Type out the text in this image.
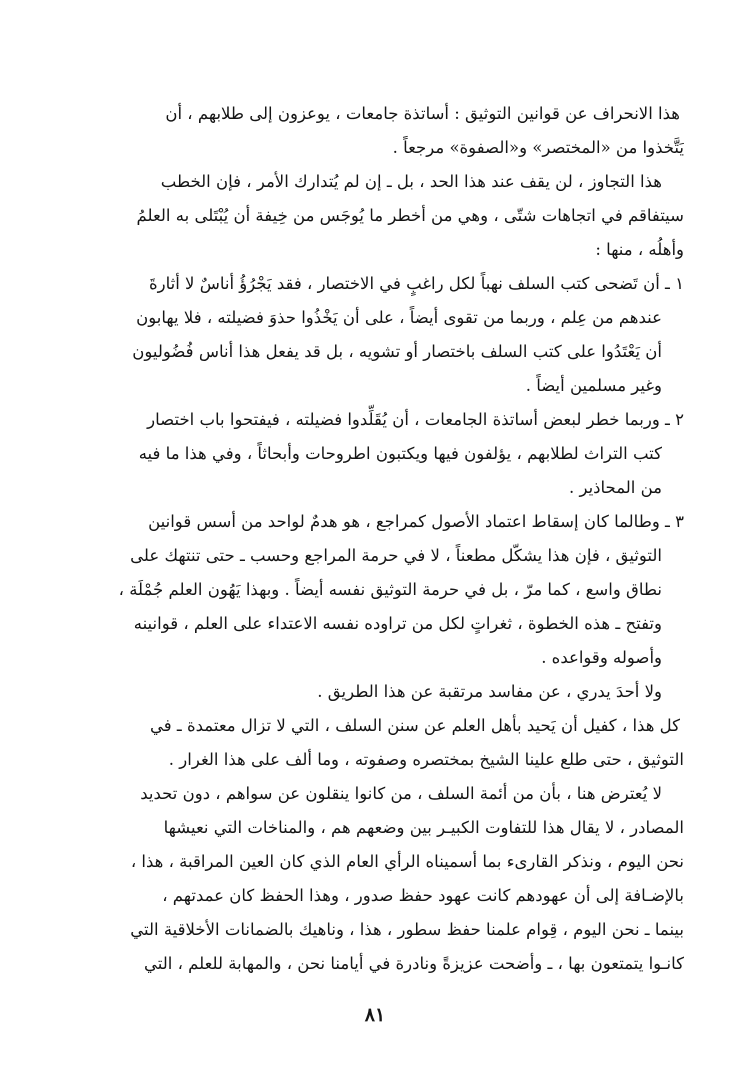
هذا الانحراف عن قوانين التوثيق : أساتذة جامعات ، يوعزون إلى طلابهم ، أن
يَتَّخذوا من «المختصر» و«الصفوة» مرجعاً .
هذا التجاوز ، لن يقف عند هذا الحد ، بل ـ إن لم يُتدارك الأمر ، فإن الخطب
سيتفاقم في اتجاهات شتّى ، وهي من أخطر ما يُوجَس من خِيفة أن يُبْتَلى به العلمُ
وأهلُه ، منها :
١ ـ أن تَضحى كتب السلف نهباً لكل راغبٍ في الاختصار ، فقد يَجْرُؤُ أناسٌ لا أثارةَ
عندهم من عِلم ، وربما من تقوى أيضاً ، على أن يَخْذُوا حذوَ فضيلته ، فلا يهابون
أن يَعْتَدُوا على كتب السلف باختصار أو تشويه ، بل قد يفعل هذا أناس فُضُوليون
وغير مسلمين أيضاً .
٢ ـ وربما خطر لبعض أساتذة الجامعات ، أن يُقَلِّدوا فضيلته ، فيفتحوا باب اختصار
كتب التراث لطلابهم ، يؤلفون فيها ويكتبون اطروحات وأبحاثاً ، وفي هذا ما فيه
من المحاذير .
٣ ـ وطالما كان إسقاط اعتماد الأصول كمراجع ، هو هدمٌ لواحد من أسس قوانين
التوثيق ، فإن هذا يشكّل مطعناً ، لا في حرمة المراجع وحسب ـ حتى تنتهك على
نطاق واسع ، كما مرّ ، بل في حرمة التوثيق نفسه أيضاً . وبهذا يَهُون العلم جُمْلَة ،
وتفتح ـ هذه الخطوة ، ثغراتٍ لكل من تراوده نفسه الاعتداء على العلم ، قوانينه
وأصوله وقواعده .
ولا أحدَ يدري ، عن مفاسد مرتقبة عن هذا الطريق .
كل هذا ، كفيل أن يَحيد بأهل العلم عن سنن السلف ، التي لا تزال معتمدة ـ في
التوثيق ، حتى طلع علينا الشيخ بمختصره وصفوته ، وما ألف على هذا الغرار .
لا يُعترض هنا ، بأن من أئمة السلف ، من كانوا ينقلون عن سواهم ، دون تحديد
المصادر ، لا يقال هذا للتفاوت الكبيـر بين وضعهم هم ، والمناخات التي نعيشها
نحن اليوم ، ونذكر القارىء بما أسميناه الرأي العام الذي كان العين المراقبة ، هذا ،
بالإضـافة إلى أن عهودهم كانت عهود حفظ صدور ، وهذا الحفظ كان عمدتهم ،
بينما ـ نحن اليوم ، قِوام علمنا حفظ سطور ، هذا ، وناهيك بالضمانات الأخلاقية التي
كانـوا يتمتعون بها ، ـ وأضحت عزيزةً ونادرة في أيامنا نحن ، والمهابة للعلم ، التي
٨١
